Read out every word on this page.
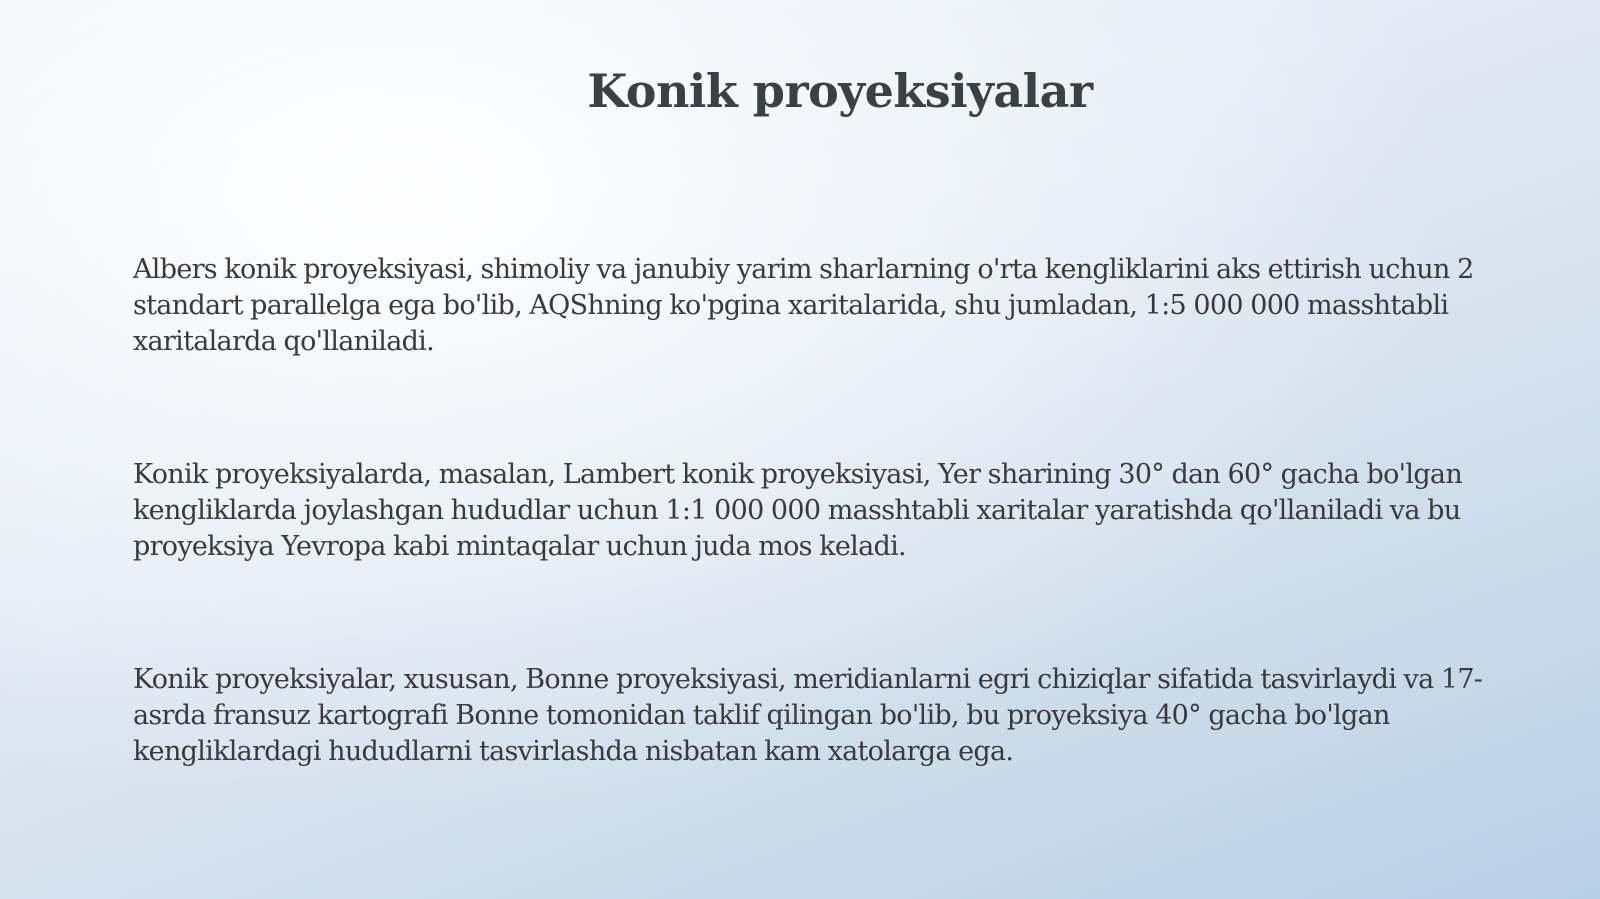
Konik proyeksiyalar

Albers konik proyeksiyasi, shimoliy va janubiy yarim sharlarning o'rta kengliklarini aks ettirish uchun 2 standart parallelga ega bo'lib, AQShning ko'pgina xaritalarida, shu jumladan, 1:5 000 000 masshtabli xaritalarda qo'llaniladi.

Konik proyeksiyalarda, masalan, Lambert konik proyeksiyasi, Yer sharining 30° dan 60° gacha bo'lgan kengliklarda joylashgan hududlar uchun 1:1 000 000 masshtabli xaritalar yaratishda qo'llaniladi va bu proyeksiya Yevropa kabi mintaqalar uchun juda mos keladi.

Konik proyeksiyalar, xususan, Bonne proyeksiyasi, meridianlarni egri chiziqlar sifatida tasvirlaydi va 17-asrda fransuz kartografi Bonne tomonidan taklif qilingan bo'lib, bu proyeksiya 40° gacha bo'lgan kengliklardagi hududlarni tasvirlashda nisbatan kam xatolarga ega.
